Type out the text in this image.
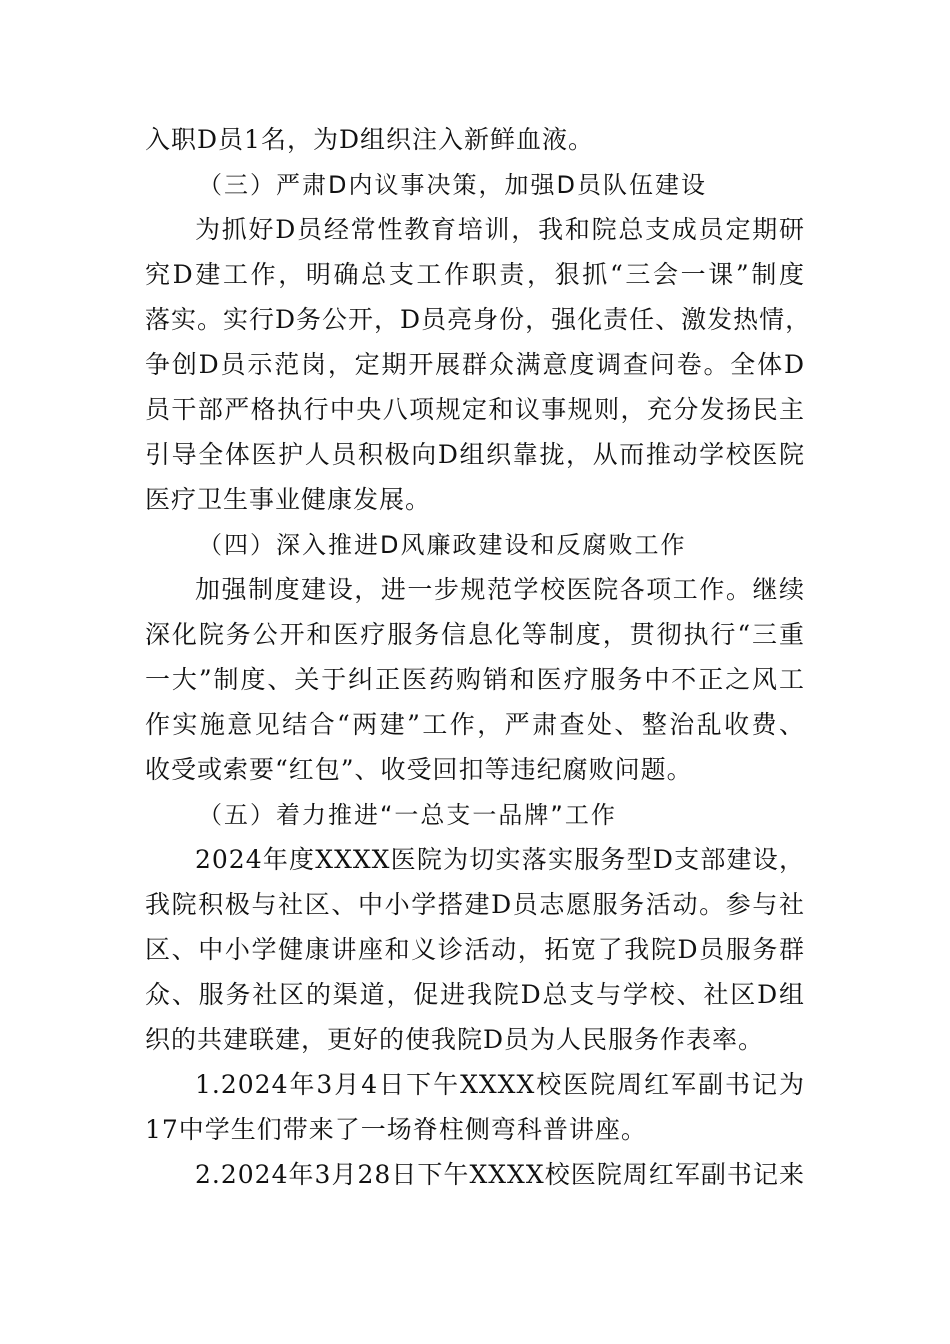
入职D员1名，为D组织注入新鲜血液。
（三）严肃D内议事决策，加强D员队伍建设
为抓好D员经常性教育培训，我和院总支成员定期研
究D建工作，明确总支工作职责，狠抓“三会一课”制度
落实。实行D务公开，D员亮身份，强化责任、激发热情，
争创D员示范岗，定期开展群众满意度调查问卷。全体D
员干部严格执行中央八项规定和议事规则，充分发扬民主
引导全体医护人员积极向D组织靠拢，从而推动学校医院
医疗卫生事业健康发展。
（四）深入推进D风廉政建设和反腐败工作
加强制度建设，进一步规范学校医院各项工作。继续
深化院务公开和医疗服务信息化等制度，贯彻执行“三重
一大”制度、关于纠正医药购销和医疗服务中不正之风工
作实施意见结合“两建”工作，严肃查处、整治乱收费、
收受或索要“红包”、收受回扣等违纪腐败问题。
（五）着力推进“一总支一品牌”工作
2024年度XXXX医院为切实落实服务型D支部建设，
我院积极与社区、中小学搭建D员志愿服务活动。参与社
区、中小学健康讲座和义诊活动，拓宽了我院D员服务群
众、服务社区的渠道，促进我院D总支与学校、社区D组
织的共建联建，更好的使我院D员为人民服务作表率。
1.2024年3月4日下午XXXX校医院周红军副书记为
17中学生们带来了一场脊柱侧弯科普讲座。
2.2024年3月28日下午XXXX校医院周红军副书记来
